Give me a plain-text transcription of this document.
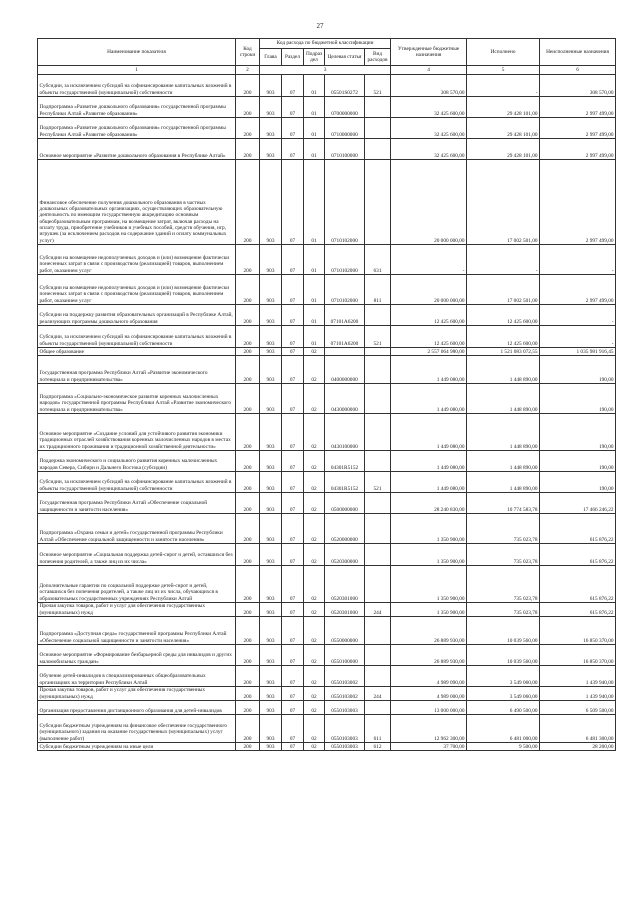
27
Наименование показателя	Код строки	Код расхода по бюджетной классификации					Утвержденные бюджетные назначения	Исполнено	Неисполненные назначения
		Глава	Раздел	Подраз дел	Целевая статья	Вид расходов			
1	2	3					4	5	6
Субсидии, за исключением субсидий на софинансирование капитальных вложений в объекты государственной (муниципальной) собственности	200	903	07	01	05501S0272	521	308 570,00	-	308 570,00
Подпрограмма «Развитие дошкольного образования» государственной программы Республики Алтай «Развитие образования»	200	903	07	01	0700000000		32 425 600,00	29 428 101,00	2 997 499,00
Подпрограмма «Развитие дошкольного образования» государственной программы Республики Алтай «Развитие образования»	200	903	07	01	0710000000		32 425 600,00	29 428 101,00	2 997 499,00
Основное мероприятие «Развитие дошкольного образования в Республике Алтай»	200	903	07	01	0710100000		32 425 600,00	29 428 101,00	2 997 499,00
Финансовое обеспечение получения дошкольного образования в частных дошкольных образовательных организациях, осуществляющих образовательную деятельность по имеющим государственную аккредитацию основным общеобразовательным программам, на возмещение затрат, включая расходы на оплату труда, приобретение учебников и учебных пособий, средств обучения, игр, игрушек (за исключением расходов на содержание зданий и оплату коммунальных услуг)	200	903	07	01	0710102000		20 000 000,00	17 002 501,00	2 997 499,00
Субсидии на возмещение недополученных доходов и (или) возмещение фактически понесенных затрат в связи с производством (реализацией) товаров, выполнением работ, оказанием услуг	200	903	07	01	0710102000	631	-	-	-
Субсидии на возмещение недополученных доходов и (или) возмещение фактически понесенных затрат в связи с производством (реализацией) товаров, выполнением работ, оказанием услуг	200	903	07	01	0710102000	811	20 000 000,00	17 002 501,00	2 997 499,00
Субсидии на поддержку развития образовательных организаций в Республике Алтай, реализующих программы дошкольного образования	200	903	07	01	07101А6200		12 425 600,00	12 425 600,00	-
Субсидии, за исключением субсидий на софинансирование капитальных вложений в объекты государственной (муниципальной) собственности	200	903	07	01	07101А6200	521	12 425 600,00	12 425 600,00	-
Общее образование	200	903	07	02			2 557 064 980,00	1 521 083 072,55	1 035 981 916,45
Государственная программа Республики Алтай «Развитие экономического потенциала и предпринимательства»	200	903	07	02	0400000000		1 449 080,00	1 448 890,00	190,00
Подпрограмма «Социально-экономическое развитие коренных малочисленных народов» государственной программы Республики Алтай «Развитие экономического потенциала и предпринимательства»	200	903	07	02	0430000000		1 449 080,00	1 448 890,00	190,00
Основное мероприятие «Создание условий для устойчивого развития экономики традиционных отраслей хозяйствования коренных малочисленных народов в местах их традиционного проживания и традиционной хозяйственной деятельности»	200	903	07	02	0430100000		1 449 080,00	1 448 890,00	190,00
Поддержка экономического и социального развития коренных малочисленных народов Севера, Сибири и Дальнего Востока (субсидии)	200	903	07	02	04301R5152		1 449 080,00	1 448 890,00	190,00
Субсидии, за исключением субсидий на софинансирование капитальных вложений в объекты государственной (муниципальной) собственности	200	903	07	02	04301R5152	521	1 449 080,00	1 448 890,00	190,00
Государственная программа Республики Алтай «Обеспечение социальной защищенности и занятости населения»	200	903	07	02	0500000000		28 240 830,00	10 774 583,78	17 466 246,22
Подпрограмма «Охрана семьи и детей» государственной программы Республики Алтай «Обеспечение социальной защищенности и занятости населения»	200	903	07	02	0520000000		1 350 900,00	735 023,78	615 876,22
Основное мероприятие «Социальная поддержка детей-сирот и детей, оставшихся без попечения родителей, а также лиц из их числа»	200	903	07	02	0520300000		1 350 900,00	735 023,78	615 876,22
Дополнительные гарантии по социальной поддержке детей-сирот и детей, оставшихся без попечения родителей, а также лиц из их числа, обучающихся в образовательных государственных учреждениях Республики Алтай	200	903	07	02	0520301000		1 350 900,00	735 023,78	615 876,22
Прочая закупка товаров, работ и услуг для обеспечения государственных (муниципальных) нужд	200	903	07	02	0520301000	244	1 350 900,00	735 023,78	615 876,22
Подпрограмма «Доступная среда» государственной программы Республики Алтай «Обеспечение социальной защищенности и занятости населения»	200	903	07	02	0550000000		26 889 930,00	10 039 560,00	16 850 370,00
Основное мероприятие «Формирование безбарьерной среды для инвалидов и других маломобильных граждан»	200	903	07	02	0550100000		26 889 930,00	10 039 560,00	16 850 370,00
Обучение детей-инвалидов в специализированных общеобразовательных организациях на территории Республики Алтай	200	903	07	02	0550103002		4 989 090,00	3 549 060,00	1 439 940,00
Прочая закупка товаров, работ и услуг для обеспечения государственных (муниципальных) нужд	200	903	07	02	0550103002	244	4 989 000,00	3 549 060,00	1 439 940,00
Организация предоставления дистанционного образования для детей-инвалидов	200	903	07	02	0550103003		13 000 000,00	6 490 500,00	6 509 500,00
Субсидии бюджетным учреждениям на финансовое обеспечение государственного (муниципального) задания на оказание государственных (муниципальных) услуг (выполнение работ)	200	903	07	02	0550103003	611	12 962 300,00	6 481 000,00	6 481 300,00
Субсидии бюджетным учреждениям на иные цели	200	903	07	02	0550103003	612	37 700,00	9 500,00	28 200,00
